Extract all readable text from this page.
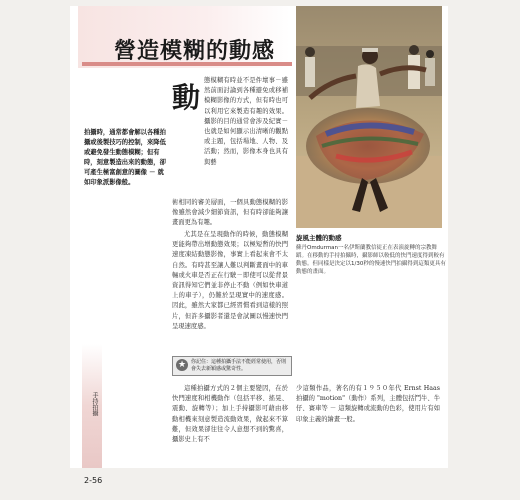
營造模糊的動感
旋風主體的動感
蘇丹Omdurman一名伊斯蘭教信徒正在表演旋轉的宗教舞蹈。在移動的手持拍攝時，攝影師以較低的快門速度得到較有動態。但同樣是決定以1/30秒的慢速快門拍攝得到這類更具有動態的畫面。
動
拍攝時，通常都會解以各種拍攝或後製技巧的控制，來降低或避免發生動態模糊；但有時，刻意製造出來的動態，卻可產生極富創意的圖像 － 就如印象派影像般。
態模糊有時並不是件壞事－雖然前面討論到各種避免或移補模糊影像的方式，但有時也可以利用它來製造有趣的效果。攝影的目的通常會涉及紀實－也就是如何顯示出清晰的觀點或主題，包括場地、人物、及活動；然而，影像本身也具有與藝
術相同的審美層面，一個具動態模糊的影像雖然會減少細節資訊，但有時卻能夠讓畫面更為有趣。
尤其是在呈現動作的時候，動態模糊更能夠帶出增動態效果；以極短暫的快門速度凍結動態影像，事實上看起來會不太自然。有時甚至讓人難以判斷畫面中的車輛或火車是否正在行駛－即使可以從背景資訊得知它們並非停止不動（例如快車道上的車子），仍難於呈現實中的速度感。因此，雖然大家都已經習慣看到這樣的照片，但許多攝影者還是會試圖以慢速快門呈現速度感。
★ 你記住：這種拍攝手法不能經常使用，否則會失去新穎感或驚奇性。
這種拍攝方式的２個主要變因，在於快門速度和相機動作（包括平移、搖晃、震動、旋轉等）；加上手持攝影可藉由移動相機來刻意製造流動效果，做起來不算難，但效果卻往往令人意想不到的驚喜，攝影史上有不
少這類作品，著名的有１９５０年代 Ernst Haas 拍攝的 "motion"（動作）系列，主體包括鬥牛、牛仔、賽車等 － 這類旋轉或流動的色彩，使用片有如印象主義的繪畫一般。
手持拍攝
2-56
